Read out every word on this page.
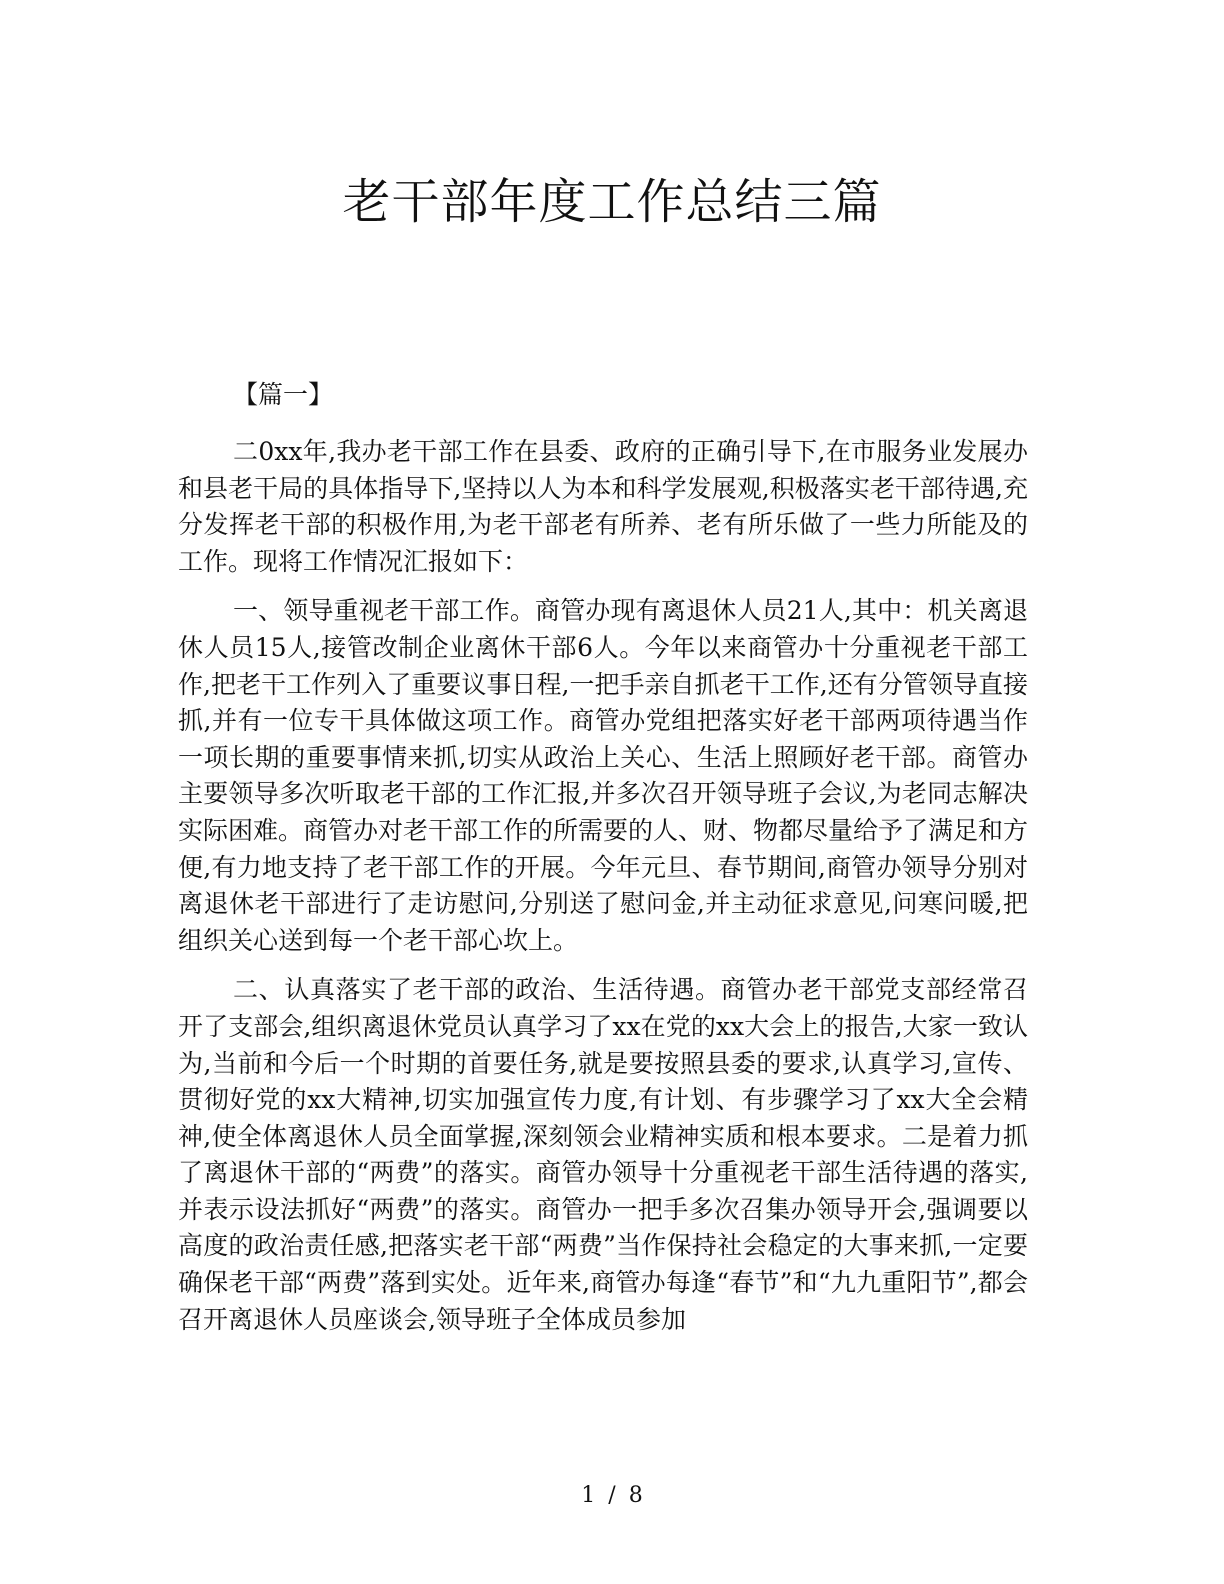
老干部年度工作总结三篇

【篇一】

二0xx年,我办老干部工作在县委、政府的正确引导下,在市服务业发展办和县老干局的具体指导下,坚持以人为本和科学发展观,积极落实老干部待遇,充分发挥老干部的积极作用,为老干部老有所养、老有所乐做了一些力所能及的工作。现将工作情况汇报如下：

一、领导重视老干部工作。商管办现有离退休人员21人,其中：机关离退休人员15人,接管改制企业离休干部6人。今年以来商管办十分重视老干部工作,把老干工作列入了重要议事日程,一把手亲自抓老干工作,还有分管领导直接抓,并有一位专干具体做这项工作。商管办党组把落实好老干部两项待遇当作一项长期的重要事情来抓,切实从政治上关心、生活上照顾好老干部。商管办主要领导多次听取老干部的工作汇报,并多次召开领导班子会议,为老同志解决实际困难。商管办对老干部工作的所需要的人、财、物都尽量给予了满足和方便,有力地支持了老干部工作的开展。今年元旦、春节期间,商管办领导分别对离退休老干部进行了走访慰问,分别送了慰问金,并主动征求意见,问寒问暖,把组织关心送到每一个老干部心坎上。

二、认真落实了老干部的政治、生活待遇。商管办老干部党支部经常召开了支部会,组织离退休党员认真学习了xx在党的xx大会上的报告,大家一致认为,当前和今后一个时期的首要任务,就是要按照县委的要求,认真学习,宣传、贯彻好党的xx大精神,切实加强宣传力度,有计划、有步骤学习了xx大全会精神,使全体离退休人员全面掌握,深刻领会业精神实质和根本要求。二是着力抓了离退休干部的“两费”的落实。商管办领导十分重视老干部生活待遇的落实,并表示设法抓好“两费”的落实。商管办一把手多次召集办领导开会,强调要以高度的政治责任感,把落实老干部“两费”当作保持社会稳定的大事来抓,一定要确保老干部“两费”落到实处。近年来,商管办每逢“春节”和“九九重阳节”,都会召开离退休人员座谈会,领导班子全体成员参加

1 / 8
